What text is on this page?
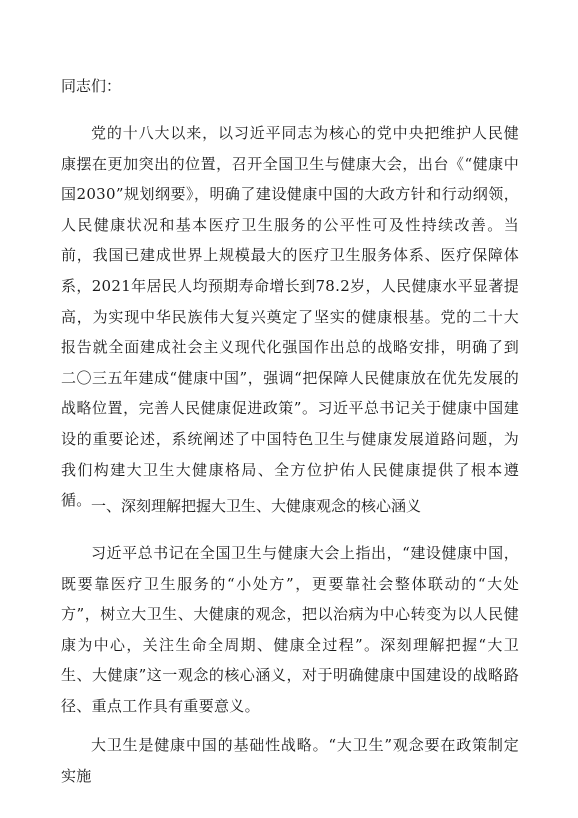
同志们：

党的十八大以来，以习近平同志为核心的党中央把维护人民健康摆在更加突出的位置，召开全国卫生与健康大会，出台《“健康中国2030”规划纲要》，明确了建设健康中国的大政方针和行动纲领，人民健康状况和基本医疗卫生服务的公平性可及性持续改善。当前，我国已建成世界上规模最大的医疗卫生服务体系、医疗保障体系，2021年居民人均预期寿命增长到78.2岁，人民健康水平显著提高，为实现中华民族伟大复兴奠定了坚实的健康根基。党的二十大报告就全面建成社会主义现代化强国作出总的战略安排，明确了到二〇三五年建成“健康中国”，强调“把保障人民健康放在优先发展的战略位置，完善人民健康促进政策”。习近平总书记关于健康中国建设的重要论述，系统阐述了中国特色卫生与健康发展道路问题，为我们构建大卫生大健康格局、全方位护佑人民健康提供了根本遵循。 一、深刻理解把握大卫生、大健康观念的核心涵义

习近平总书记在全国卫生与健康大会上指出，“建设健康中国，既要靠医疗卫生服务的“小处方”，更要靠社会整体联动的“大处方”，树立大卫生、大健康的观念，把以治病为中心转变为以人民健康为中心，关注生命全周期、健康全过程”。深刻理解把握“大卫生、大健康”这一观念的核心涵义，对于明确健康中国建设的战略路径、重点工作具有重要意义。

大卫生是健康中国的基础性战略。“大卫生”观念要在政策制定实施
